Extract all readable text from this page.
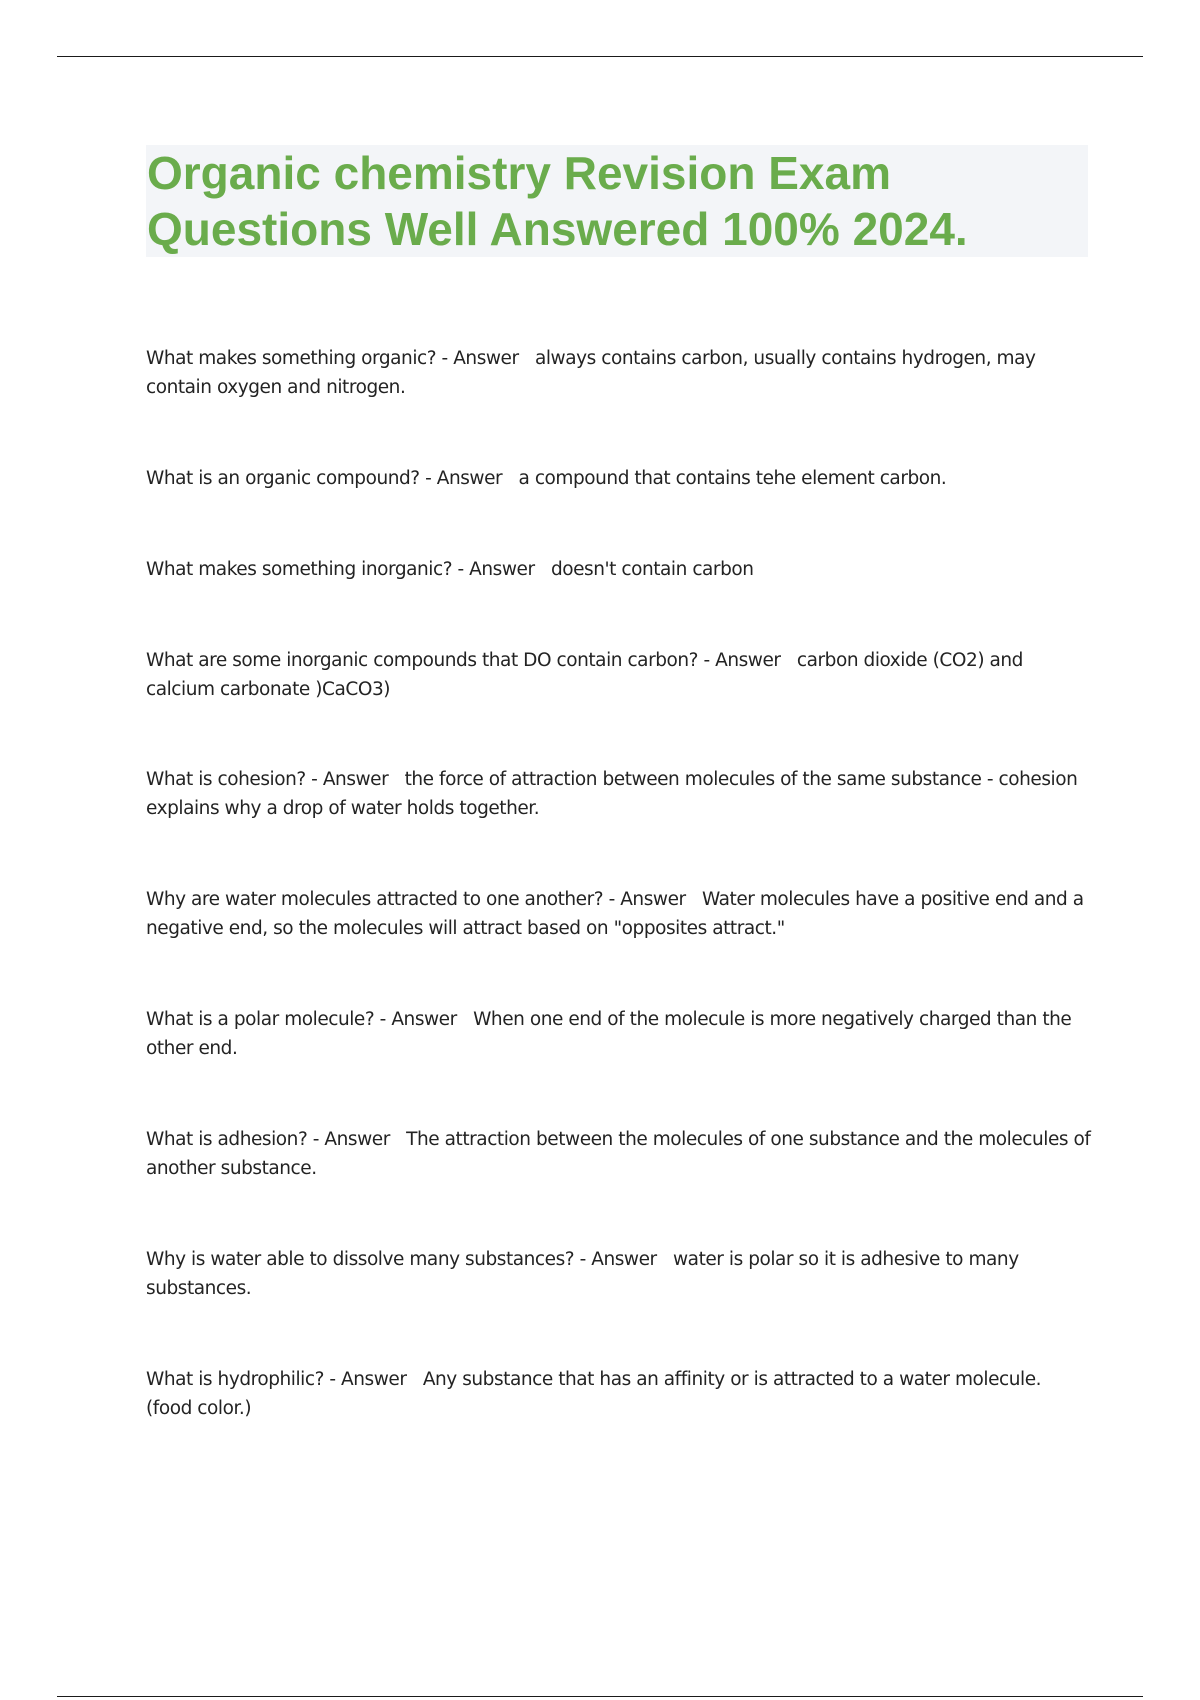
Organic chemistry Revision Exam Questions Well Answered 100% 2024.

What makes something organic? - Answer   always contains carbon, usually contains hydrogen, may contain oxygen and nitrogen.

What is an organic compound? - Answer   a compound that contains tehe element carbon.

What makes something inorganic? - Answer   doesn't contain carbon

What are some inorganic compounds that DO contain carbon? - Answer   carbon dioxide (CO2) and calcium carbonate )CaCO3)

What is cohesion? - Answer   the force of attraction between molecules of the same substance - cohesion explains why a drop of water holds together.

Why are water molecules attracted to one another? - Answer   Water molecules have a positive end and a negative end, so the molecules will attract based on "opposites attract."

What is a polar molecule? - Answer   When one end of the molecule is more negatively charged than the other end.

What is adhesion? - Answer   The attraction between the molecules of one substance and the molecules of another substance.

Why is water able to dissolve many substances? - Answer   water is polar so it is adhesive to many substances.

What is hydrophilic? - Answer   Any substance that has an affinity or is attracted to a water molecule. (food color.)
